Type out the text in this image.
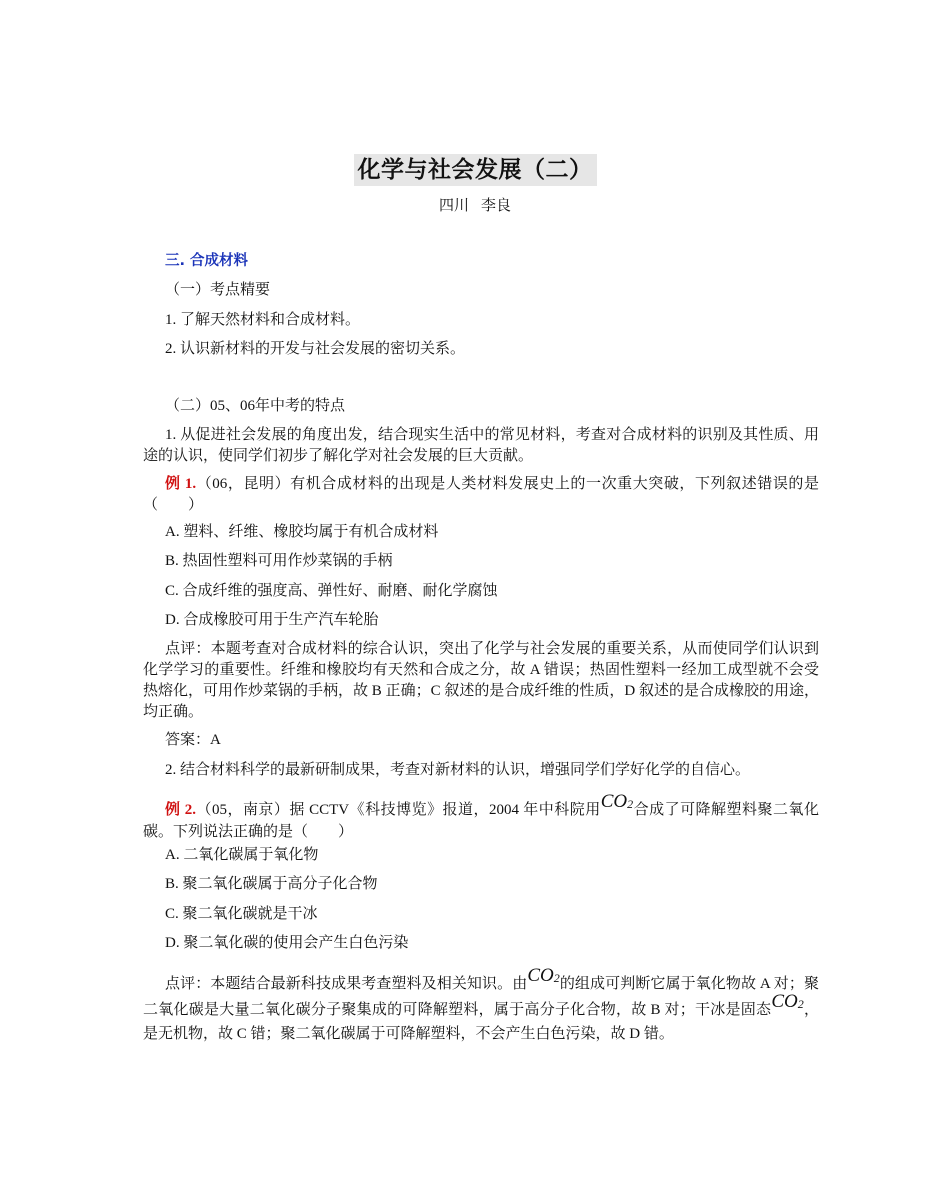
化学与社会发展（二）
四川 李良
三. 合成材料
（一）考点精要
1. 了解天然材料和合成材料。
2. 认识新材料的开发与社会发展的密切关系。
（二）05、06年中考的特点
1. 从促进社会发展的角度出发，结合现实生活中的常见材料，考查对合成材料的识别及其性质、用途的认识，使同学们初步了解化学对社会发展的巨大贡献。
例 1.（06，昆明）有机合成材料的出现是人类材料发展史上的一次重大突破，下列叙述错误的是（　　）
A. 塑料、纤维、橡胶均属于有机合成材料
B. 热固性塑料可用作炒菜锅的手柄
C. 合成纤维的强度高、弹性好、耐磨、耐化学腐蚀
D. 合成橡胶可用于生产汽车轮胎
点评：本题考查对合成材料的综合认识，突出了化学与社会发展的重要关系，从而使同学们认识到化学学习的重要性。纤维和橡胶均有天然和合成之分，故 A 错误；热固性塑料一经加工成型就不会受热熔化，可用作炒菜锅的手柄，故 B 正确；C 叙述的是合成纤维的性质，D 叙述的是合成橡胶的用途，均正确。
答案：A
2. 结合材料科学的最新研制成果，考查对新材料的认识，增强同学们学好化学的自信心。
例 2.（05，南京）据 CCTV《科技博览》报道，2004 年中科院用$CO_2$合成了可降解塑料聚二氧化碳。下列说法正确的是（　　）
A. 二氧化碳属于氧化物
B. 聚二氧化碳属于高分子化合物
C. 聚二氧化碳就是干冰
D. 聚二氧化碳的使用会产生白色污染
点评：本题结合最新科技成果考查塑料及相关知识。由$CO_2$的组成可判断它属于氧化物故 A 对；聚二氧化碳是大量二氧化碳分子聚集成的可降解塑料，属于高分子化合物，故 B 对；干冰是固态$CO_2$，是无机物，故 C 错；聚二氧化碳属于可降解塑料，不会产生白色污染，故 D 错。
